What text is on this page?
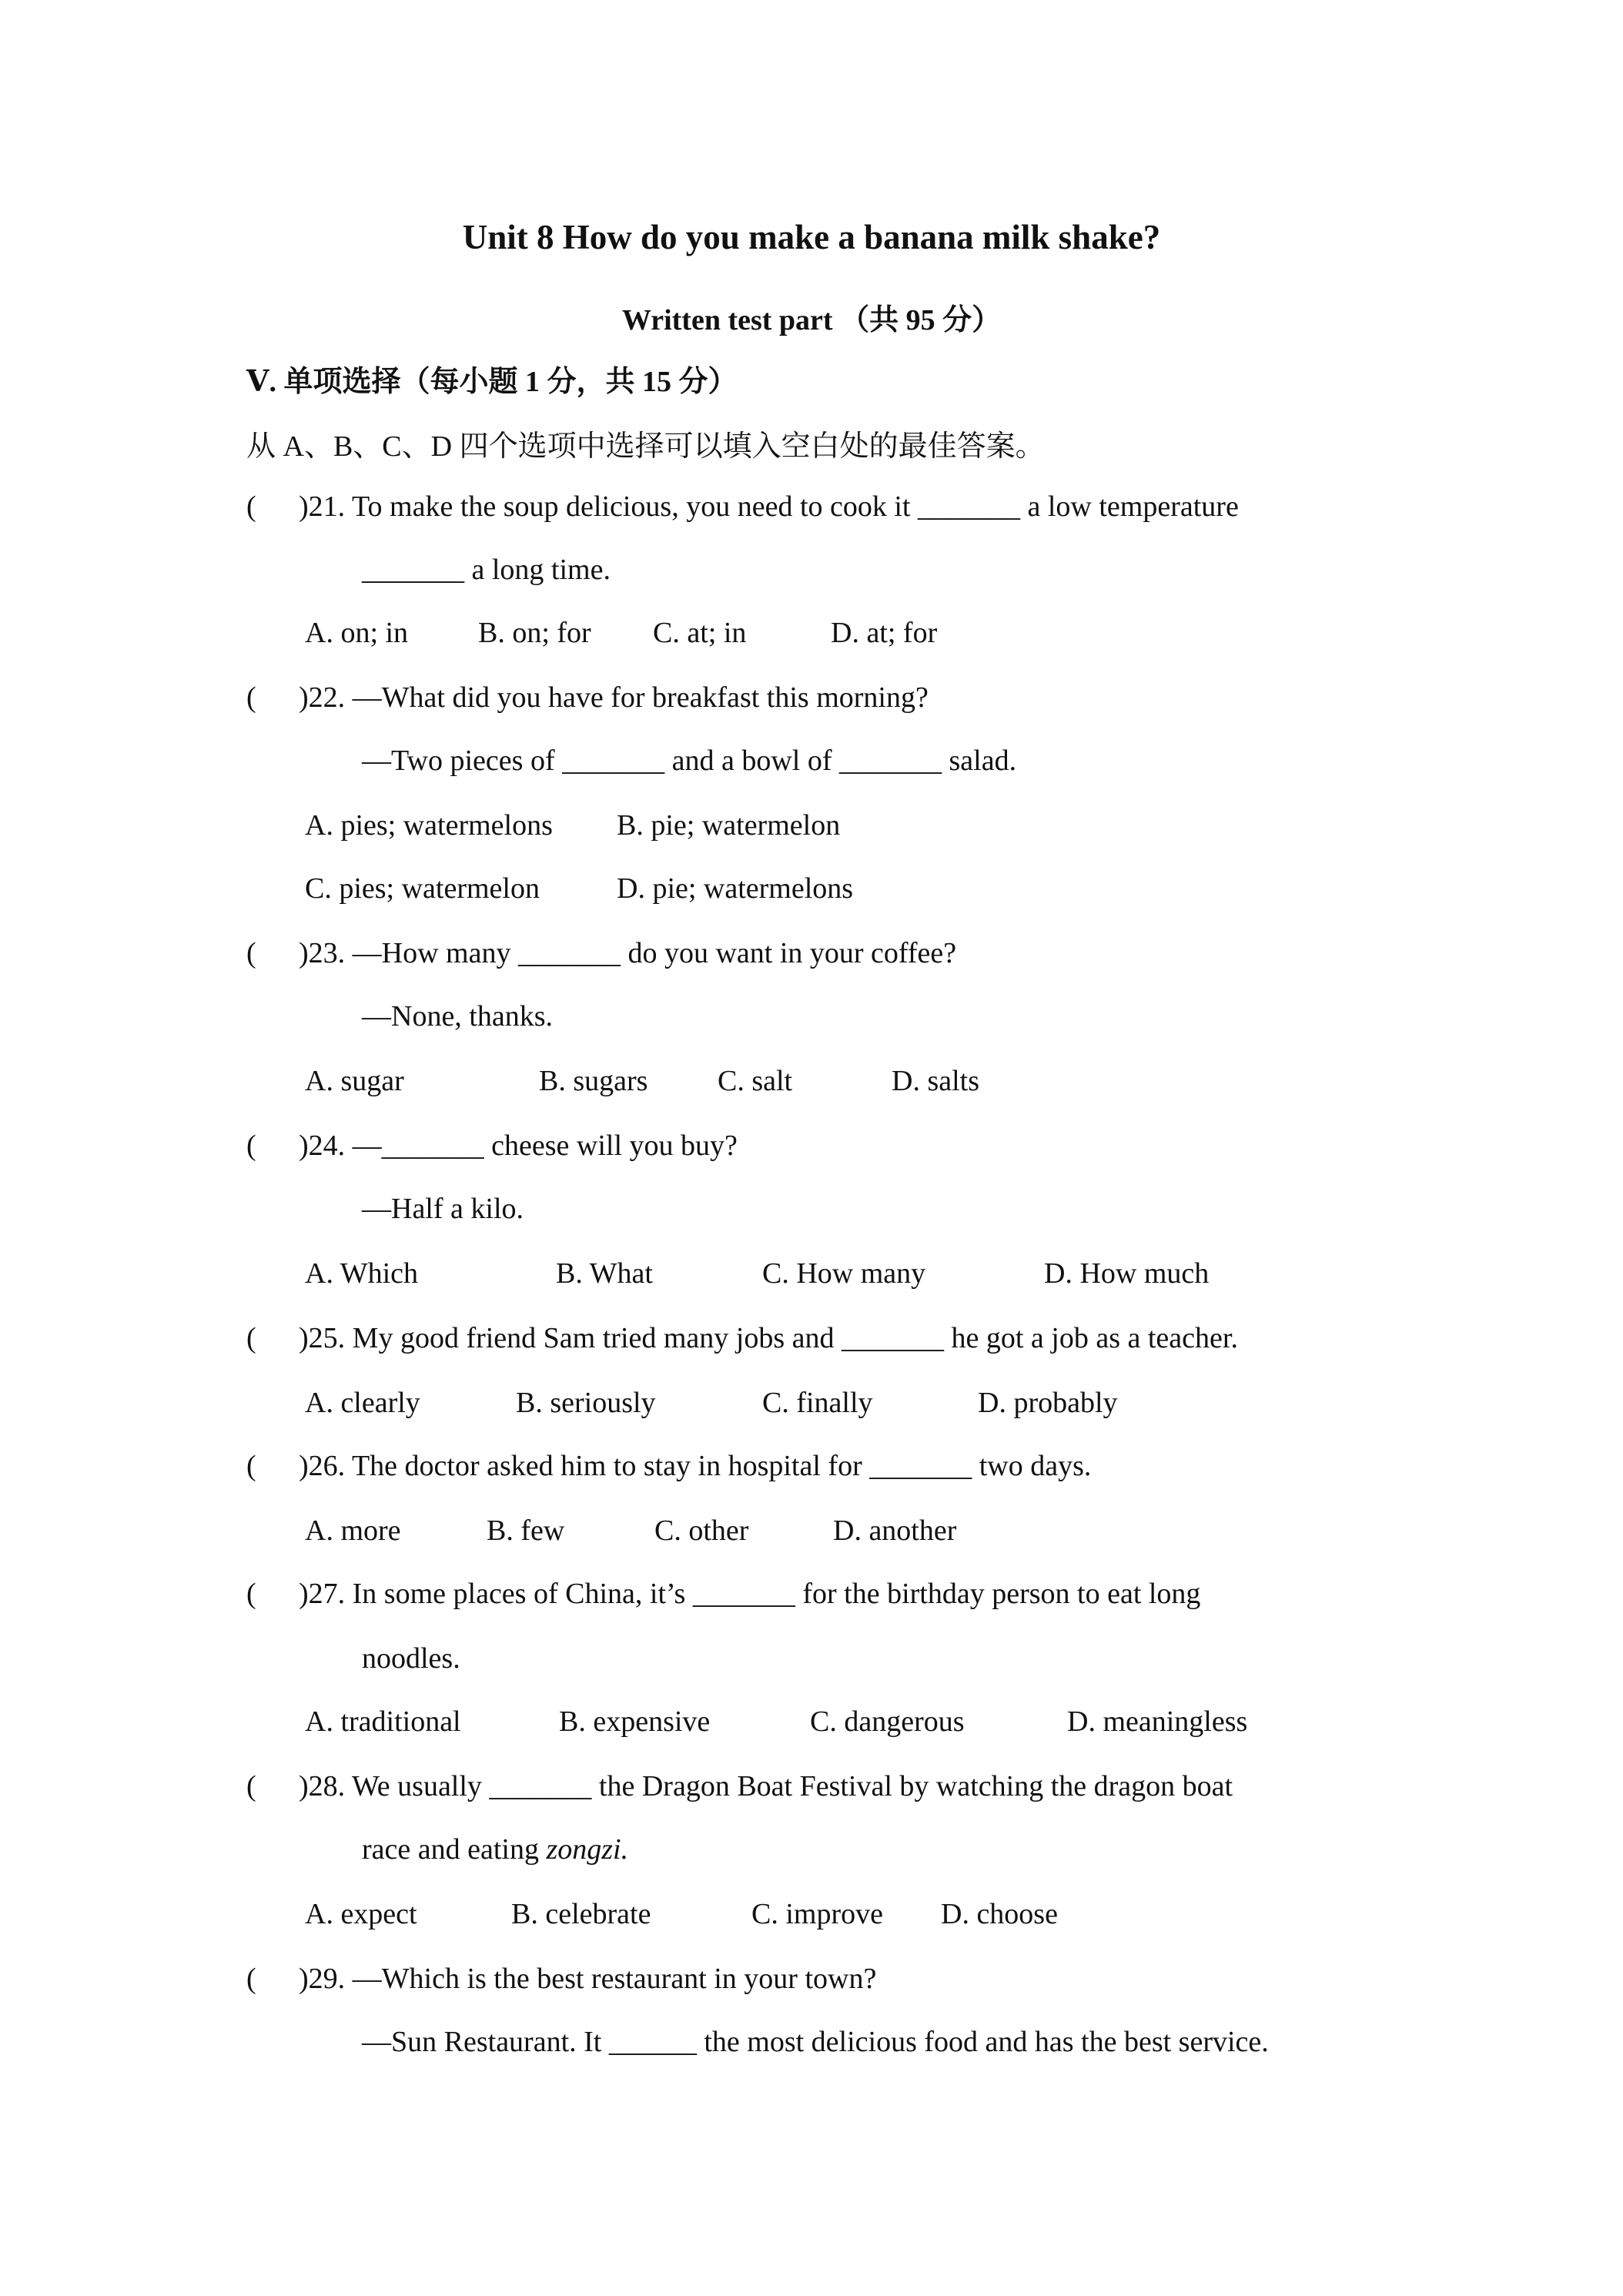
Unit 8 How do you make a banana milk shake?
Written test part （共 95 分）
Ⅴ. 单项选择（每小题 1 分，共 15 分）
从 A、B、C、D 四个选项中选择可以填入空白处的最佳答案。
( )21. To make the soup delicious, you need to cook it _______ a low temperature
_______ a long time.
A. on; in B. on; for C. at; in	D. at; for
( )22. —What did you have for breakfast this morning?
—Two pieces of _______ and a bowl of _______ salad.
A. pies; watermelons B. pie; watermelon
C. pies; watermelon	D. pie; watermelons
( )23. —How many _______ do you want in your coffee?
—None, thanks.
A. sugar	B. sugars C. salt	D. salts
( )24. —_______ cheese will you buy?
—Half a kilo.
A. Which	B. What	C. How many	D. How much
( )25. My good friend Sam tried many jobs and _______ he got a job as a teacher.
A. clearly	B. seriously	C. finally	D. probably
( )26. The doctor asked him to stay in hospital for _______ two days.
A. more	B. few	C. other	D. another
( )27. In some places of China, it’s _______ for the birthday person to eat long
noodles.
A. traditional	B. expensive	C. dangerous	D. meaningless
( )28. We usually _______ the Dragon Boat Festival by watching the dragon boat
race and eating zongzi.
A. expect	B. celebrate	C. improve D. choose
( )29. —Which is the best restaurant in your town?
—Sun Restaurant. It ______ the most delicious food and has the best service.
